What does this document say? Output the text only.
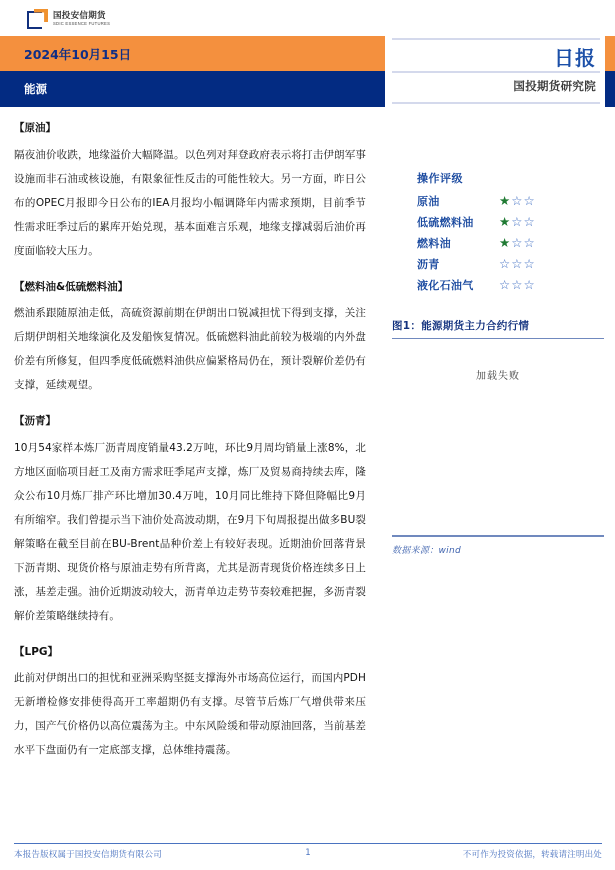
国投安信期货
SDIC ESSENCE FUTURES
2024年10月15日
能源
日报
国投期货研究院
【原油】

隔夜油价收跌，地缘溢价大幅降温。以色列对拜登政府表示将打击伊朗军事设施而非石油或核设施，有限象征性反击的可能性较大。另一方面，昨日公布的OPEC月报即今日公布的IEA月报均小幅调降年内需求预期，目前季节性需求旺季过后的累库开始兑现，基本面难言乐观，地缘支撑减弱后油价再度面临较大压力。

【燃料油&低硫燃料油】

燃油系跟随原油走低，高硫资源前期在伊朗出口锐减担忧下得到支撑，关注后期伊朗相关地缘演化及发船恢复情况。低硫燃料油此前较为极端的内外盘价差有所修复，但四季度低硫燃料油供应偏紧格局仍在，预计裂解价差仍有支撑，延续观望。

【沥青】

10月54家样本炼厂沥青周度销量43.2万吨，环比9月周均销量上涨8%，北方地区面临项目赶工及南方需求旺季尾声支撑，炼厂及贸易商持续去库，隆众公布10月炼厂排产环比增加30.4万吨，10月同比维持下降但降幅比9月有所缩窄。我们曾提示当下油价处高波动期，在9月下旬周报提出做多BU裂解策略在截至目前在BU-Brent品种价差上有较好表现。近期油价回落背景下沥青期、现货价格与原油走势有所背离，尤其是沥青现货价格连续多日上涨，基差走强。油价近期波动较大，沥青单边走势节奏较难把握，多沥青裂解价差策略继续持有。

【LPG】

此前对伊朗出口的担忧和亚洲采购坚挺支撑海外市场高位运行，而国内PDH无新增检修安排使得高开工率超期仍有支撑。尽管节后炼厂气增供带来压力，国产气价格仍以高位震荡为主。中东风险缓和带动原油回落，当前基差水平下盘面仍有一定底部支撑，总体维持震荡。

操作评级
原油	★☆☆
低硫燃料油	★☆☆
燃料油	★☆☆
沥青	☆☆☆
液化石油气	☆☆☆
图1：能源期货主力合约行情
加载失败
数据来源：wind
本报告版权属于国投安信期货有限公司	1	不可作为投资依据，转载请注明出处
